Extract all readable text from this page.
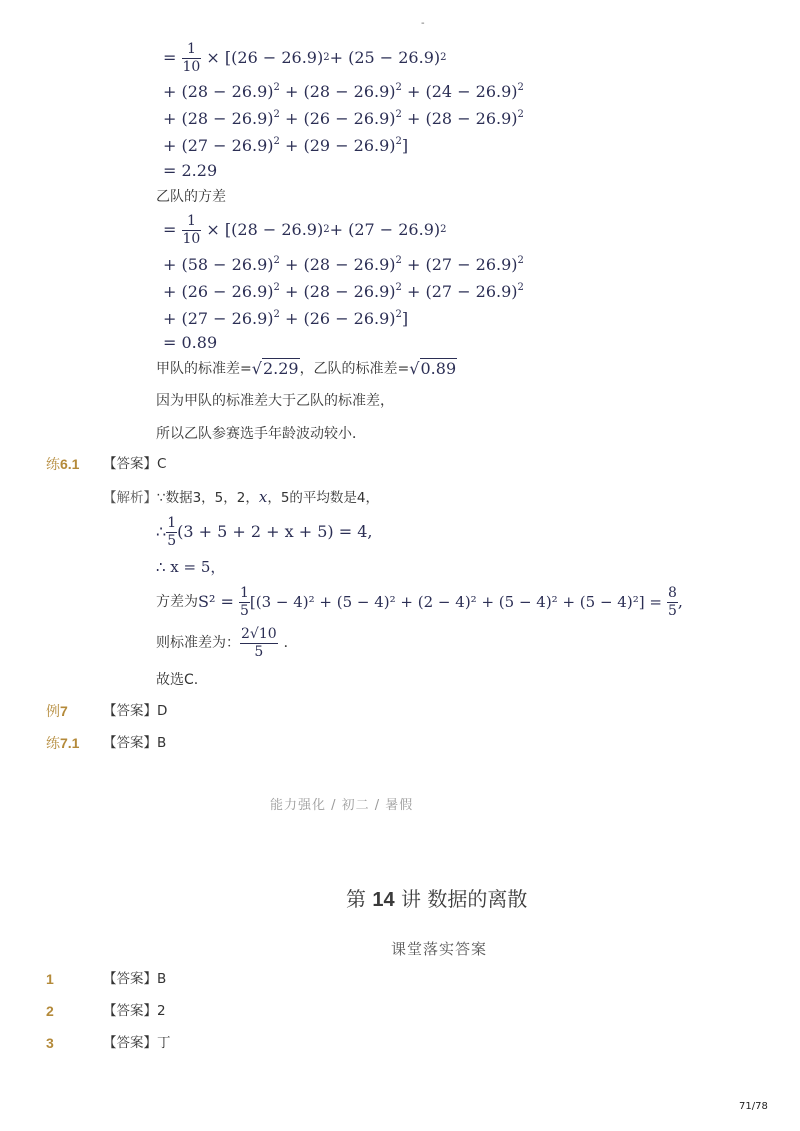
-
=
$\frac{1}{10}$
× [(26 − 26.9) 2 + (25 − 26.9) 2
+ $(28 - 26.9)^2 + (28 - 26.9)^2 + (24 - 26.9)^2$
+ $(28 - 26.9)^2 + (26 - 26.9)^2 + (28 - 26.9)^2$
+ $(27 - 26.9)^2 + (29 - 26.9)^2$]
= 2.29
乙队的方差
=
$\frac{1}{10}$
× [(28 − 26.9) 2 + (27 − 26.9) 2
+ $(58 - 26.9)^2 + (28 - 26.9)^2 + (27 - 26.9)^2$
+ $(26 - 26.9)^2 + (28 - 26.9)^2 + (27 - 26.9)^2$
+ $(27 - 26.9)^2 + (26 - 26.9)^2$]
= 0.89
甲队的标准差= √2.29 ，乙队的标准差= √0.89
因为甲队的标准差大于乙队的标准差，
所以乙队参赛选手年龄波动较小．
练6.1 【答案】C
【解析】∵数据3，5，2，x，5的平均数是4，
∴ $\frac{1}{5} (3 + 5 + 2 + x + 5) = 4$,
∴ x = 5，
方差为 S² =
$\frac{1}{5} [(3 - 4)^2 + (5 - 4)^2 + (2 - 4)^2 + (5 - 4)^2 + (5 - 4)^2]$ =
$\frac{8}{5}$ ,
则标准差为： $\frac{2√10}{5}$ ．
故选C.
例7	【答案】D
练7.1 【答案】B
能力强化 / 初二 / 暑假
第 14 讲 数据的离散
课堂落实答案
1	【答案】B
2	【答案】2
3	【答案】丁
71/78
